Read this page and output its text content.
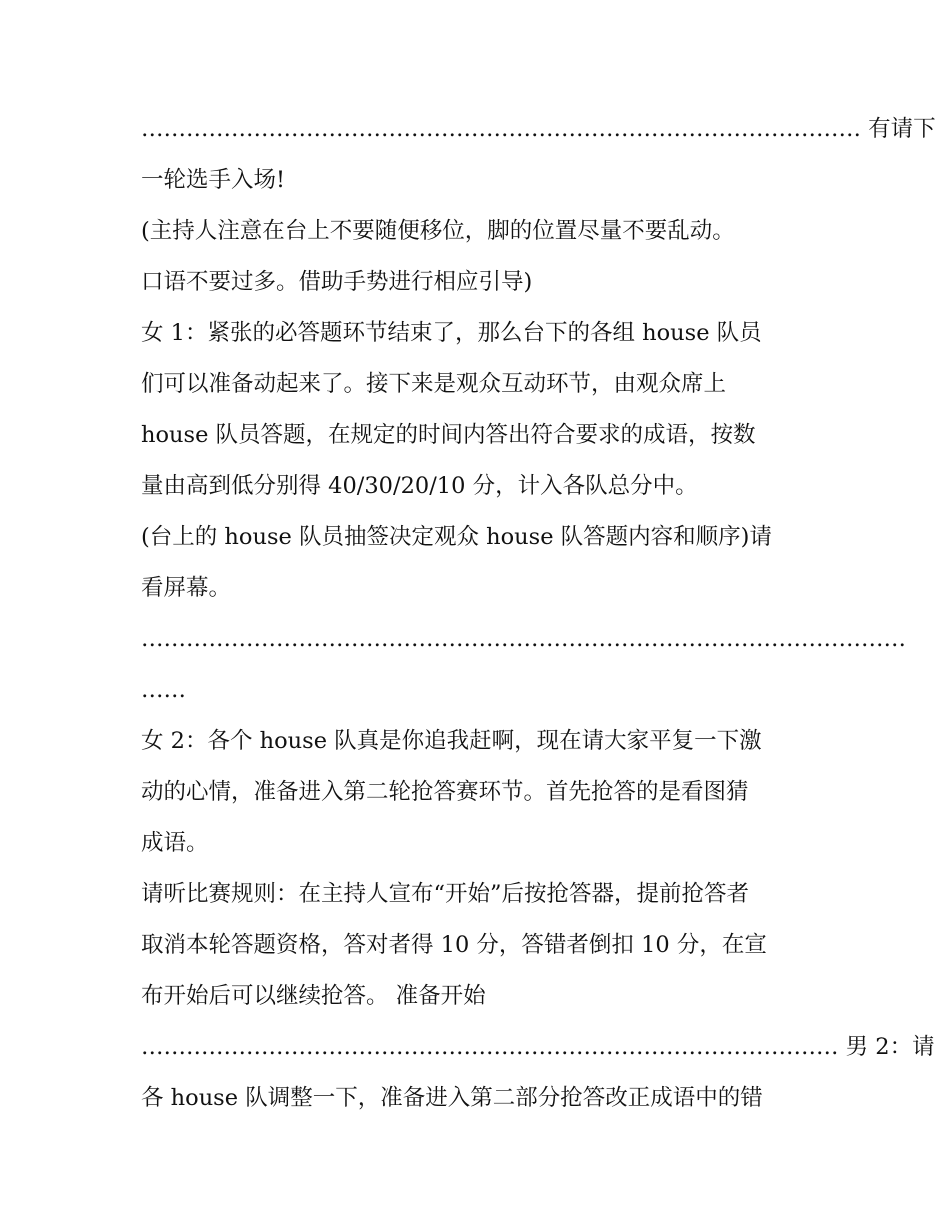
…………………………………………………………………………………… 有请下
一轮选手入场!
(主持人注意在台上不要随便移位，脚的位置尽量不要乱动。
口语不要过多。借助手势进行相应引导)
女 1：紧张的必答题环节结束了，那么台下的各组 house 队员
们可以准备动起来了。接下来是观众互动环节，由观众席上
house 队员答题，在规定的时间内答出符合要求的成语，按数
量由高到低分别得 40/30/20/10 分，计入各队总分中。
(台上的 house 队员抽签决定观众 house 队答题内容和顺序)请
看屏幕。
…………………………………………………………………………………………
……
女 2：各个 house 队真是你追我赶啊，现在请大家平复一下激
动的心情，准备进入第二轮抢答赛环节。首先抢答的是看图猜
成语。
请听比赛规则：在主持人宣布“开始”后按抢答器，提前抢答者
取消本轮答题资格，答对者得 10 分，答错者倒扣 10 分，在宣
布开始后可以继续抢答。 准备开始
………………………………………………………………………………… 男 2：请
各 house 队调整一下，准备进入第二部分抢答改正成语中的错
